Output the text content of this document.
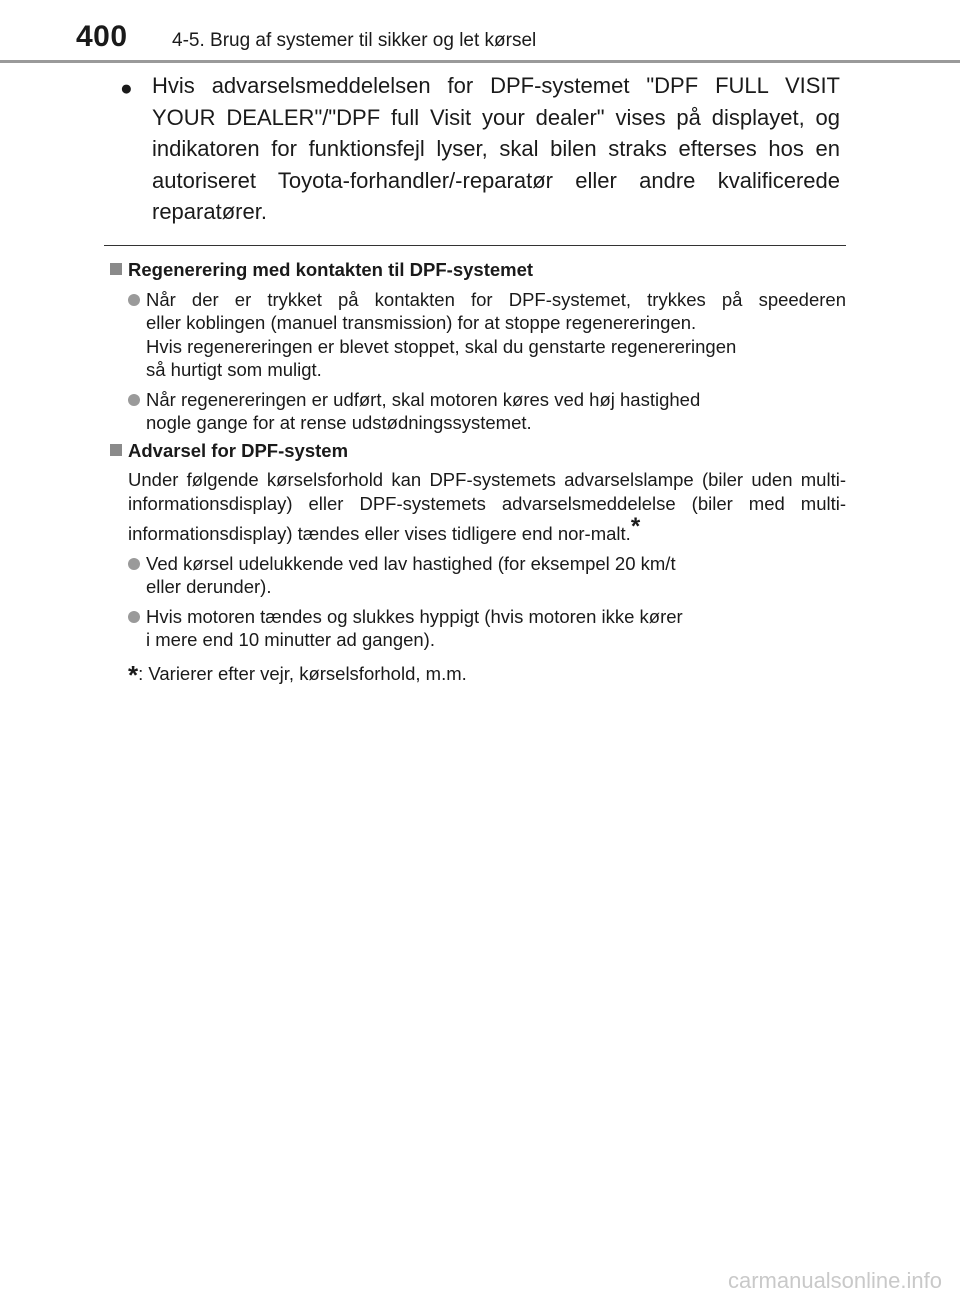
400 4-5. Brug af systemer til sikker og let kørsel
● Hvis advarselsmeddelelsen for DPF-systemet "DPF FULL VISIT YOUR DEALER"/"DPF full Visit your dealer" vises på displayet, og indikatoren for funktionsfejl lyser, skal bilen straks efterses hos en autoriseret Toyota-forhandler/-reparatør eller andre kvalificerede reparatører.

Regenerering med kontakten til DPF-systemet
Når der er trykket på kontakten for DPF-systemet, trykkes på speederen
eller koblingen (manuel transmission) for at stoppe regenereringen.
Hvis regenereringen er blevet stoppet, skal du genstarte regenereringen
så hurtigt som muligt.
Når regenereringen er udført, skal motoren køres ved høj hastighed
nogle gange for at rense udstødningssystemet.
Advarsel for DPF-system
Under følgende kørselsforhold kan DPF-systemets advarselslampe (biler uden multi-informationsdisplay) eller DPF-systemets advarselsmeddelelse (biler med multi-informationsdisplay) tændes eller vises tidligere end nor-malt.*
Ved kørsel udelukkende ved lav hastighed (for eksempel 20 km/t
eller derunder).
Hvis motoren tændes og slukkes hyppigt (hvis motoren ikke kører
i mere end 10 minutter ad gangen).
*: Varierer efter vejr, kørselsforhold, m.m.
carmanualsonline.info
